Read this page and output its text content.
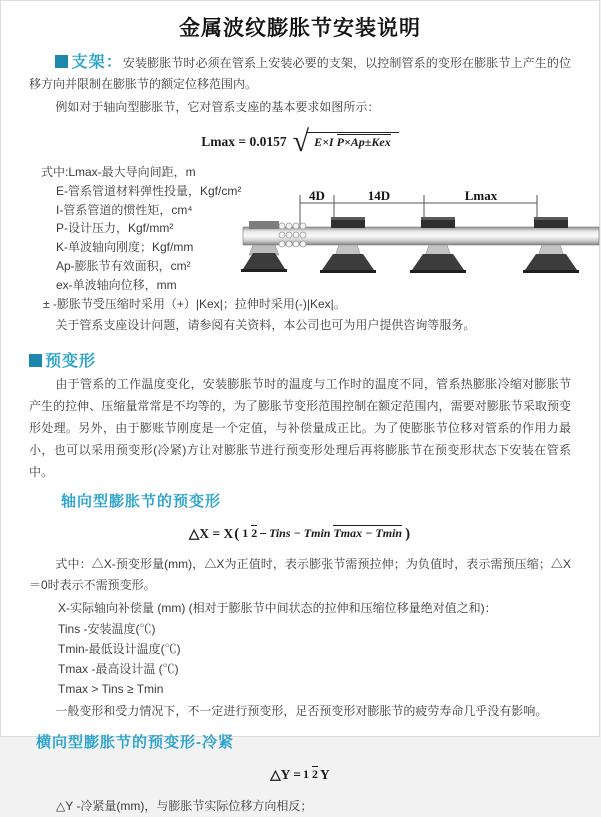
金属波纹膨胀节安装说明

支架：安装膨胀节时必须在管系上安装必要的支架，以控制管系的变形在膨胀节上产生的位移方向并限制在膨胀节的额定位移范围内。

例如对于轴向型膨胀节，它对管系支座的基本要求如图所示：

Lmax = 0.0157 √ E×I P×Ap±Kex
式中:Lmax-最大导向间距，m
E-管系管道材料弹性投量，Kgf/cm²
I-管系管道的惯性矩，cm⁴
P-设计压力，Kgf/mm²
K-单波轴向刚度；Kgf/mm
Ap-膨胀节有效面积，cm²
ex-单波轴向位移，mm
± -膨胀节受压缩时采用（+）|Kex|；拉伸时采用(-)|Kex|。
4D	14D	Lmax

关于管系支座设计问题，请参阅有关资料，本公司也可为用户提供咨询等服务。

预变形

由于管系的工作温度变化，安装膨胀节时的温度与工作时的温度不同，管系热膨胀冷缩对膨胀节产生的拉伸、压缩量常常是不均等的，为了膨胀节变形范围控制在额定范围内，需要对膨胀节采取预变形处理。另外，由于膨账节刚度是一个定值，与补偿量成正比。为了使膨胀节位移对管系的作用力最小，也可以采用预变形(冷紧)方让对膨胀节进行预变形处理后再将膨胀节在预变形状态下安装在管系中。

轴向型膨胀节的预变形

△X = X ( 1 2 − Tins − Tmin Tmax − Tmin )

式中：△X-预变形量(mm)，△X为正值时，表示膨张节需预拉伸；为负值时，表示需预压缩；△X＝0时表示不需预变形。

X-实际轴向补偿量 (mm) (相对于膨胀节中间状态的拉伸和压缩位移量绝对值之和)：

Tins -安装温度(℃)
Tmin-最低设计温度(℃)
Tmax -最高设计温 (℃)
Tmax > Tins ≥ Tmin

一般变形和受力情况下，不一定进行预变形，足否预变形对膨胀节的疲劳寿命几乎没有影响。

横向型膨胀节的预变形-冷紧

△Y = 1 2 Y

△Y -冷紧量(mm)，与膨胀节实际位移方向相反；
